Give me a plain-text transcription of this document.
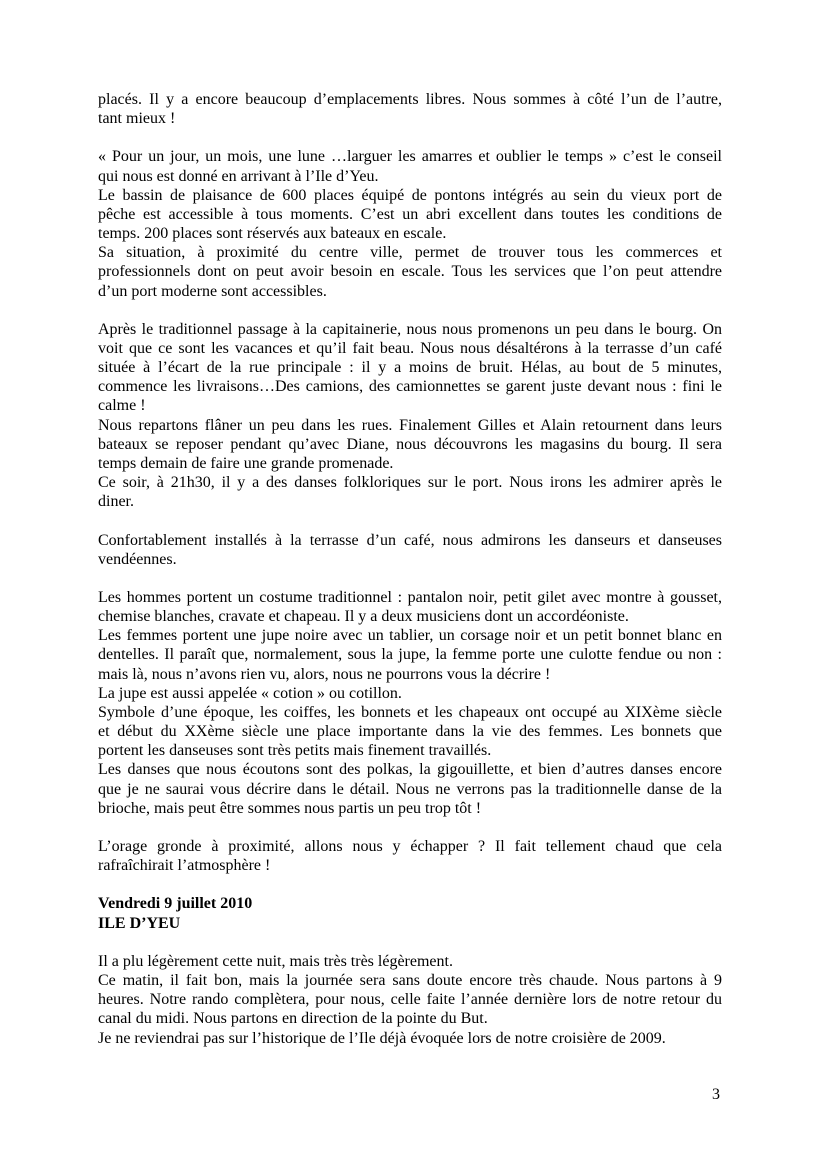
placés. Il y a encore beaucoup d’emplacements libres. Nous sommes à côté l’un de l’autre,
tant mieux !
« Pour un jour, un mois, une lune …larguer les amarres et oublier le temps » c’est le conseil
qui nous est donné en arrivant à l’Ile d’Yeu.
Le bassin de plaisance de 600 places équipé de pontons intégrés au sein du vieux port de
pêche est accessible à tous moments. C’est un abri excellent dans toutes les conditions de
temps. 200 places sont réservés aux bateaux en escale.
Sa situation, à proximité du centre ville, permet de trouver tous les commerces et
professionnels dont on peut avoir besoin en escale. Tous les services que l’on peut attendre
d’un port moderne sont accessibles.
Après le traditionnel passage à la capitainerie, nous nous promenons un peu dans le bourg. On
voit que ce sont les vacances et qu’il fait beau. Nous nous désaltérons à la terrasse d’un café
située à l’écart de la rue principale : il y a moins de bruit. Hélas, au bout de 5 minutes,
commence les livraisons…Des camions, des camionnettes se garent juste devant nous : fini le
calme !
Nous repartons flâner un peu dans les rues. Finalement Gilles et Alain retournent dans leurs
bateaux se reposer pendant qu’avec Diane, nous découvrons les magasins du bourg. Il sera
temps demain de faire une grande promenade.
Ce soir, à 21h30, il y a des danses folkloriques sur le port. Nous irons les admirer après le
diner.
Confortablement installés à la terrasse d’un café, nous admirons les danseurs et danseuses
vendéennes.
Les hommes portent un costume traditionnel : pantalon noir, petit gilet avec montre à gousset,
chemise blanches, cravate et chapeau. Il y a deux musiciens dont un accordéoniste.
Les femmes portent une jupe noire avec un tablier, un corsage noir et un petit bonnet blanc en
dentelles. Il paraît que, normalement, sous la jupe, la femme porte une culotte fendue ou non :
mais là, nous n’avons rien vu, alors, nous ne pourrons vous la décrire !
La jupe est aussi appelée « cotion » ou cotillon.
Symbole d’une époque, les coiffes, les bonnets et les chapeaux ont occupé au XIXème siècle
et début du XXème siècle une place importante dans la vie des femmes. Les bonnets que
portent les danseuses sont très petits mais finement travaillés.
Les danses que nous écoutons sont des polkas, la gigouillette, et bien d’autres danses encore
que je ne saurai vous décrire dans le détail. Nous ne verrons pas la traditionnelle danse de la
brioche, mais peut être sommes nous partis un peu trop tôt !
L’orage gronde à proximité, allons nous y échapper ? Il fait tellement chaud que cela
rafraîchirait l’atmosphère !
Vendredi 9 juillet 2010
ILE D’YEU
Il a plu légèrement cette nuit, mais très très légèrement.
Ce matin, il fait bon, mais la journée sera sans doute encore très chaude. Nous partons à 9
heures. Notre rando complètera, pour nous, celle faite l’année dernière lors de notre retour du
canal du midi. Nous partons en direction de la pointe du But.
Je ne reviendrai pas sur l’historique de l’Ile déjà évoquée lors de notre croisière de 2009.
3
